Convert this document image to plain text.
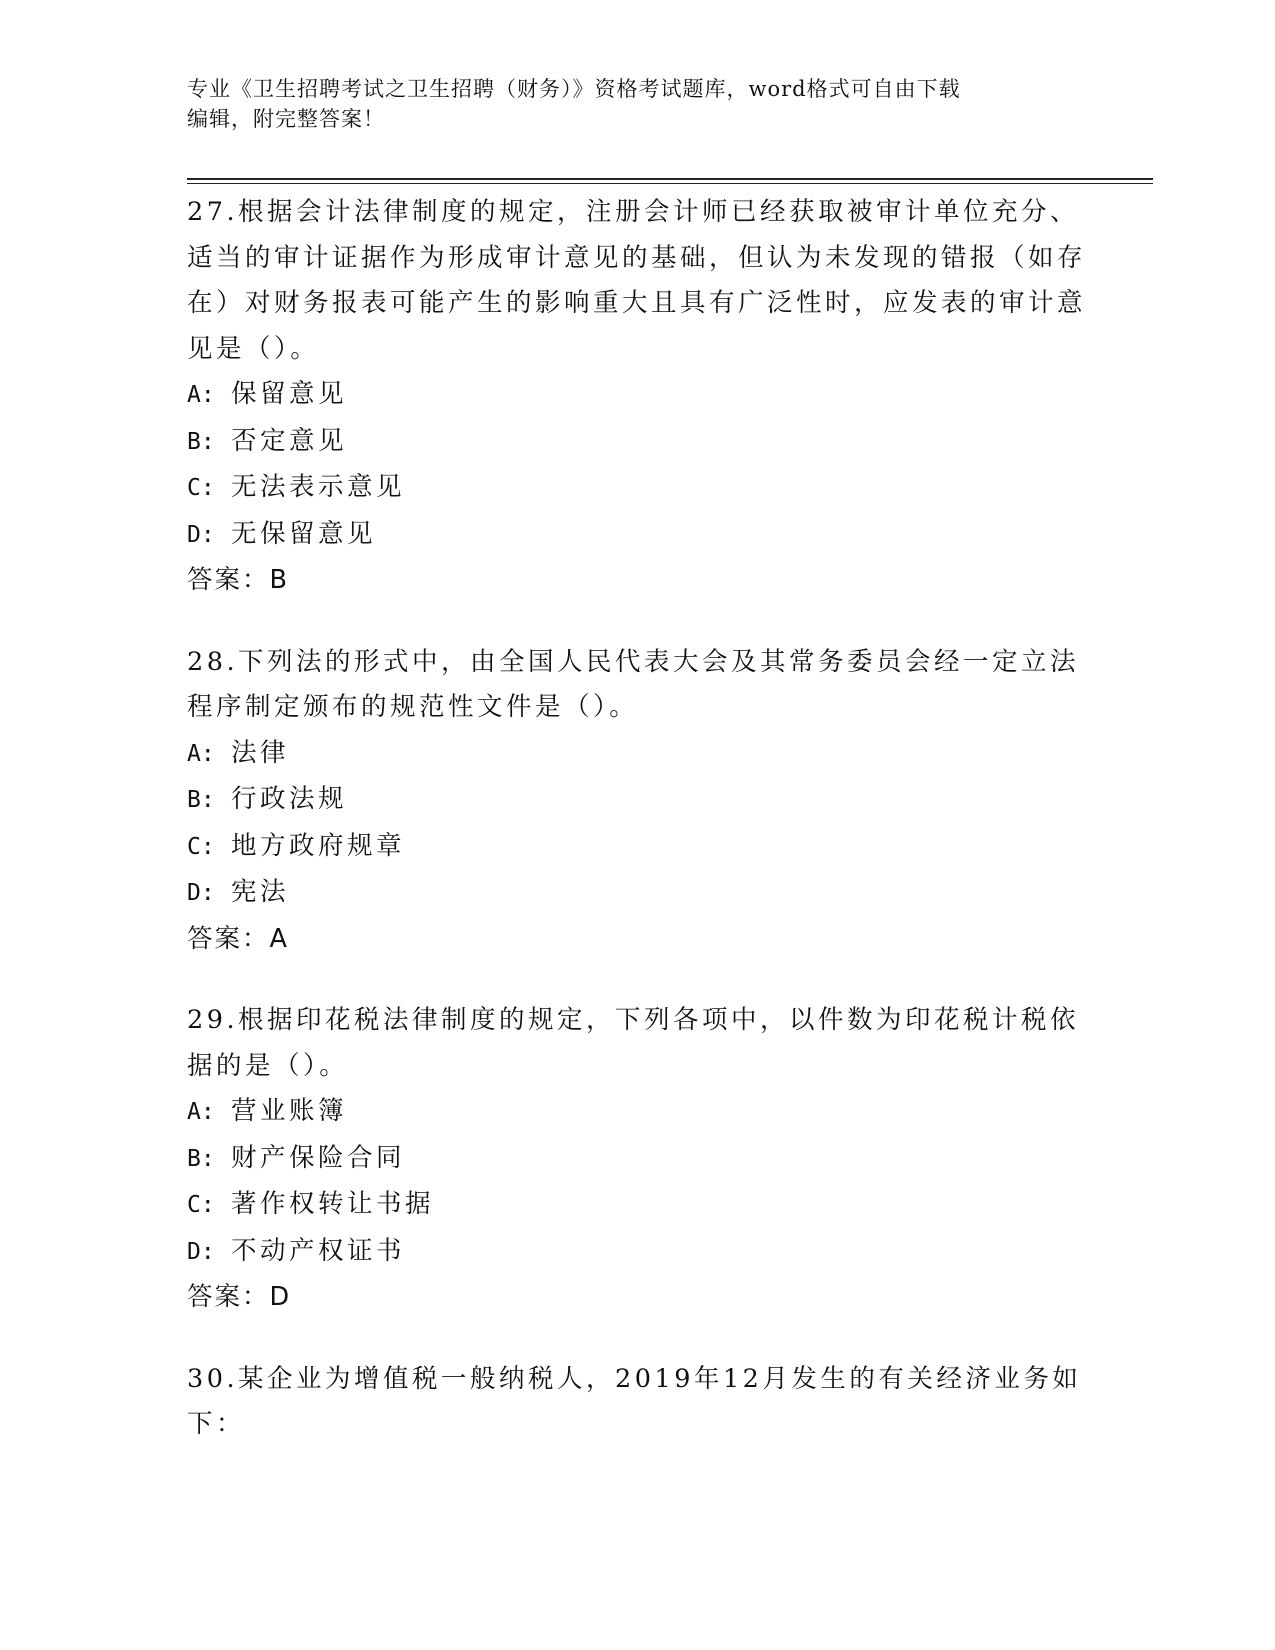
专业《卫生招聘考试之卫生招聘（财务）》资格考试题库，word格式可自由下载
编辑，附完整答案！

27.根据会计法律制度的规定，注册会计师已经获取被审计单位充分、适当的审计证据作为形成审计意见的基础，但认为未发现的错报（如存在）对财务报表可能产生的影响重大且具有广泛性时，应发表的审计意见是（）。

A: 保留意见

B: 否定意见

C: 无法表示意见

D: 无保留意见

答案：B

28.下列法的形式中，由全国人民代表大会及其常务委员会经一定立法程序制定颁布的规范性文件是（）。

A: 法律

B: 行政法规

C: 地方政府规章

D: 宪法

答案：A

29.根据印花税法律制度的规定，下列各项中，以件数为印花税计税依据的是（）。

A: 营业账簿

B: 财产保险合同

C: 著作权转让书据

D: 不动产权证书

答案：D

30.某企业为增值税一般纳税人，2019年12月发生的有关经济业务如下：
